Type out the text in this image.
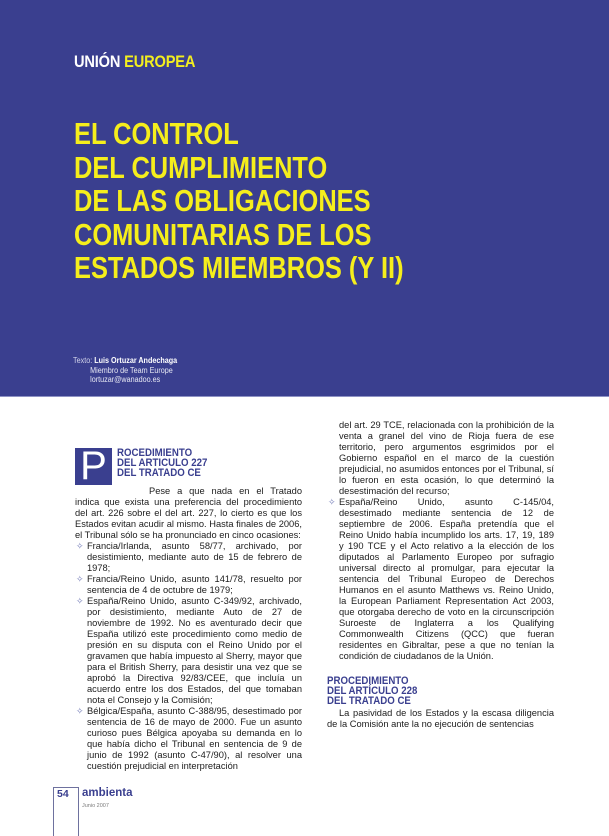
UNIÓN EUROPEA
EL CONTROL
DEL CUMPLIMIENTO
DE LAS OBLIGACIONES
COMUNITARIAS DE LOS
ESTADOS MIEMBROS (Y II)
Texto: Luis Ortuzar Andechaga
Miembro de Team Europe
lortuzar@wanadoo.es
P ROCEDIMIENTO
DEL ARTICULO 227
DEL TRATADO CE

Pese a que nada en el Tratado indica que exista una preferencia del procedimiento del art. 226 sobre el del art. 227, lo cierto es que los Estados evitan acudir al mismo. Hasta finales de 2006, el Tribunal sólo se ha pronunciado en cinco ocasiones:

✧ Francia/Irlanda, asunto 58/77, archivado, por desistimiento, mediante auto de 15 de febrero de 1978;
✧ Francia/Reino Unido, asunto 141/78, resuelto por sentencia de 4 de octubre de 1979;
✧ España/Reino Unido, asunto C-349/92, archivado, por desistimiento, mediante Auto de 27 de noviembre de 1992. No es aventurado decir que España utilizó este procedimiento como medio de presión en su disputa con el Reino Unido por el gravamen que había impuesto al Sherry, mayor que para el British Sherry, para desistir una vez que se aprobó la Directiva 92/83/CEE, que incluía un acuerdo entre los dos Estados, del que tomaban nota el Consejo y la Comisión;
✧ Bélgica/España, asunto C-388/95, desestimado por sentencia de 16 de mayo de 2000. Fue un asunto curioso pues Bélgica apoyaba su demanda en lo que había dicho el Tribunal en sentencia de 9 de junio de 1992 (asunto C-47/90), al resolver una cuestión prejudicial en interpretación
del art. 29 TCE, relacionada con la prohibición de la venta a granel del vino de Rioja fuera de ese territorio, pero argumentos esgrimidos por el Gobierno español en el marco de la cuestión prejudicial, no asumidos entonces por el Tribunal, sí lo fueron en esta ocasión, lo que determinó la desestimación del recurso;
✧ España/Reino Unido, asunto C-145/04, desestimado mediante sentencia de 12 de septiembre de 2006. España pretendía que el Reino Unido había incumplido los arts. 17, 19, 189 y 190 TCE y el Acto relativo a la elección de los diputados al Parlamento Europeo por sufragio universal directo al promulgar, para ejecutar la sentencia del Tribunal Europeo de Derechos Humanos en el asunto Matthews vs. Reino Unido, la European Parliament Representation Act 2003, que otorgaba derecho de voto en la circunscripción Suroeste de Inglaterra a los Qualifying Commonwealth Citizens (QCC) que fueran residentes en Gibraltar, pese a que no tenían la condición de ciudadanos de la Unión.
PROCEDIMIENTO
DEL ARTÍCULO 228
DEL TRATADO CE

La pasividad de los Estados y la escasa diligencia de la Comisión ante la no ejecución de sentencias

54 ambienta
Junio 2007
